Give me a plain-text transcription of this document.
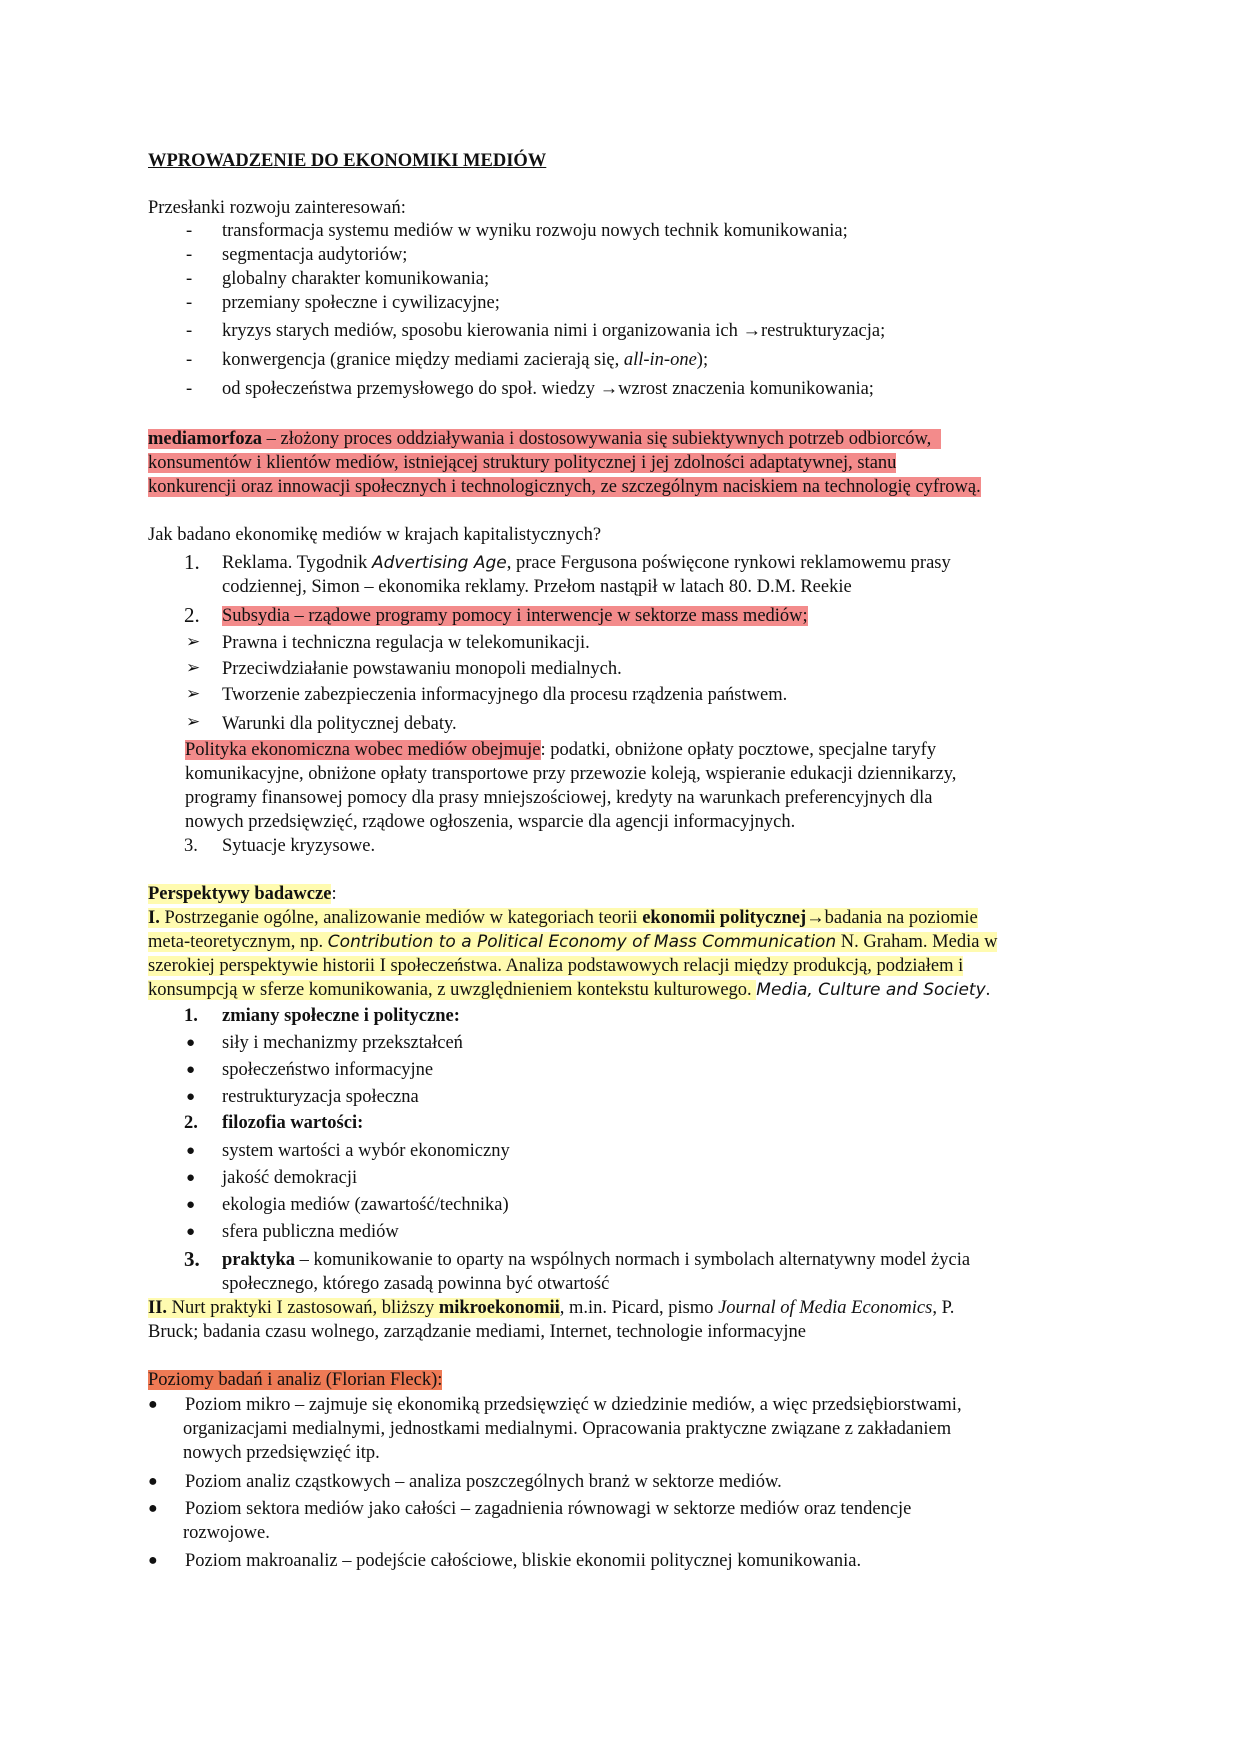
WPROWADZENIE DO EKONOMIKI MEDIÓW
Przesłanki rozwoju zainteresowań:
- transformacja systemu mediów w wyniku rozwoju nowych technik komunikowania;
- segmentacja audytoriów;
- globalny charakter komunikowania;
- przemiany społeczne i cywilizacyjne;
- kryzys starych mediów, sposobu kierowania nimi i organizowania ich →restrukturyzacja;
- konwergencja (granice między mediami zacierają się, all-in-one);
- od społeczeństwa przemysłowego do społ. wiedzy →wzrost znaczenia komunikowania;
mediamorfoza – złożony proces oddziaływania i dostosowywania się subiektywnych potrzeb odbiorców,
konsumentów i klientów mediów, istniejącej struktury politycznej i jej zdolności adaptatywnej, stanu
konkurencji oraz innowacji społecznych i technologicznych, ze szczególnym naciskiem na technologię cyfrową.
Jak badano ekonomikę mediów w krajach kapitalistycznych?
1. Reklama. Tygodnik Advertising Age, prace Fergusona poświęcone rynkowi reklamowemu prasy
codziennej, Simon – ekonomika reklamy. Przełom nastąpił w latach 80. D.M. Reekie
2. Subsydia – rządowe programy pomocy i interwencje w sektorze mass mediów;
➢ Prawna i techniczna regulacja w telekomunikacji.
➢ Przeciwdziałanie powstawaniu monopoli medialnych.
➢ Tworzenie zabezpieczenia informacyjnego dla procesu rządzenia państwem.
➢ Warunki dla politycznej debaty.
Polityka ekonomiczna wobec mediów obejmuje: podatki, obniżone opłaty pocztowe, specjalne taryfy
komunikacyjne, obniżone opłaty transportowe przy przewozie koleją, wspieranie edukacji dziennikarzy,
programy finansowej pomocy dla prasy mniejszościowej, kredyty na warunkach preferencyjnych dla
nowych przedsięwzięć, rządowe ogłoszenia, wsparcie dla agencji informacyjnych.
3. Sytuacje kryzysowe.
Perspektywy badawcze:
I. Postrzeganie ogólne, analizowanie mediów w kategoriach teorii ekonomii politycznej→badania na poziomie
meta-teoretycznym, np. Contribution to a Political Economy of Mass Communication N. Graham. Media w
szerokiej perspektywie historii I społeczeństwa. Analiza podstawowych relacji między produkcją, podziałem i
konsumpcją w sferze komunikowania, z uwzględnieniem kontekstu kulturowego. Media, Culture and Society.
1. zmiany społeczne i polityczne:
● siły i mechanizmy przekształceń
● społeczeństwo informacyjne
● restrukturyzacja społeczna
2. filozofia wartości:
● system wartości a wybór ekonomiczny
● jakość demokracji
● ekologia mediów (zawartość/technika)
● sfera publiczna mediów
3. praktyka – komunikowanie to oparty na wspólnych normach i symbolach alternatywny model życia
społecznego, którego zasadą powinna być otwartość
II. Nurt praktyki I zastosowań, bliższy mikroekonomii, m.in. Picard, pismo Journal of Media Economics, P.
Bruck; badania czasu wolnego, zarządzanie mediami, Internet, technologie informacyjne
Poziomy badań i analiz (Florian Fleck):
● Poziom mikro – zajmuje się ekonomiką przedsięwzięć w dziedzinie mediów, a więc przedsiębiorstwami,
organizacjami medialnymi, jednostkami medialnymi. Opracowania praktyczne związane z zakładaniem
nowych przedsięwzięć itp.
● Poziom analiz cząstkowych – analiza poszczególnych branż w sektorze mediów.
● Poziom sektora mediów jako całości – zagadnienia równowagi w sektorze mediów oraz tendencje
rozwojowe.
● Poziom makroanaliz – podejście całościowe, bliskie ekonomii politycznej komunikowania.
